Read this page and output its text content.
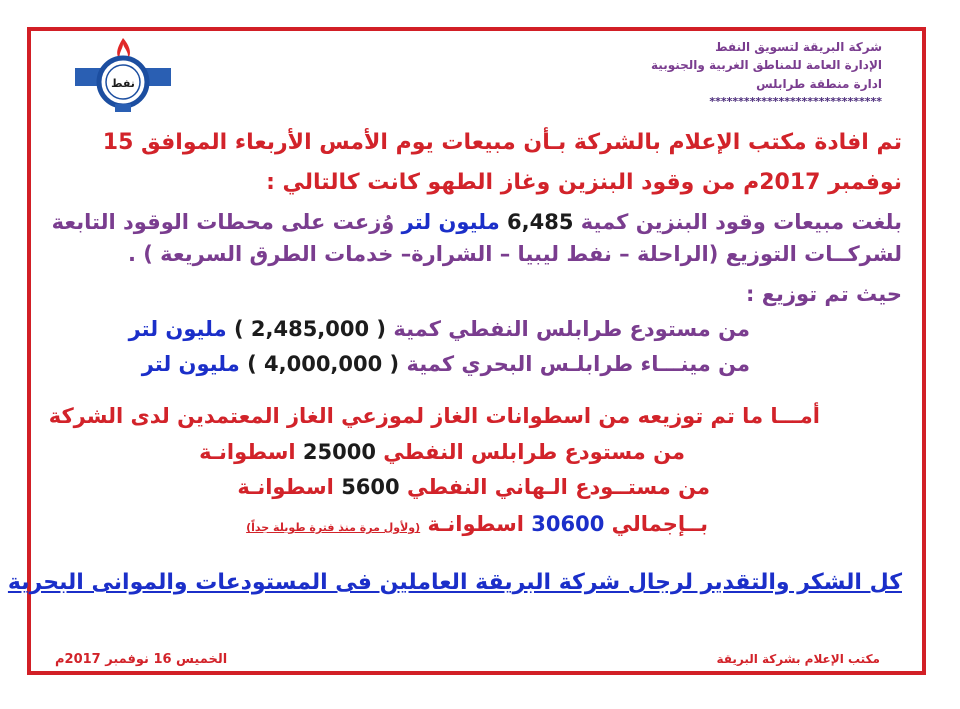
نفط
شركة البريقة لتسويق النفط
الإدارة العامة للمناطق الغربية والجنوبية
ادارة منطقة طرابلس
******************************
تم افادة مكتب الإعلام بالشركة بـأن مبيعات يوم الأمس الأربعاء الموافق 15
نوفمبر 2017م من وقود البنزين وغاز الطهو كانت كالتالي :
بلغت مبيعات وقود البنزين كمية 6,485 مليون لتر وُزعت على محطات الوقود التابعة
لشركــات التوزيع (الراحلة – نفط ليبيا – الشرارة– خدمات الطرق السريعة ) .
حيث تم توزيع :
من مستودع طرابلس النفطي كمية ( 2,485,000 ) مليون لتر
من مينـــاء طرابلـس البحري كمية ( 4,000,000 ) مليون لتر
أمـــا ما تم توزيعه من اسطوانات الغاز لموزعي الغاز المعتمدين لدى الشركة
من مستودع طرابلس النفطي 25000 اسطوانـة
من مستــودع الـهاني النفطي 5600 اسطوانـة
بــإجمالي 30600 اسطوانـة (ولأول مرة منذ فترة طويلة جداً)
كل الشكر والتقدير لرجال شركة البريقة العاملين فى المستودعات والموانى البحرية
مكتب الإعلام بشركة البريقة
الخميس 16 نوفمبر 2017م
